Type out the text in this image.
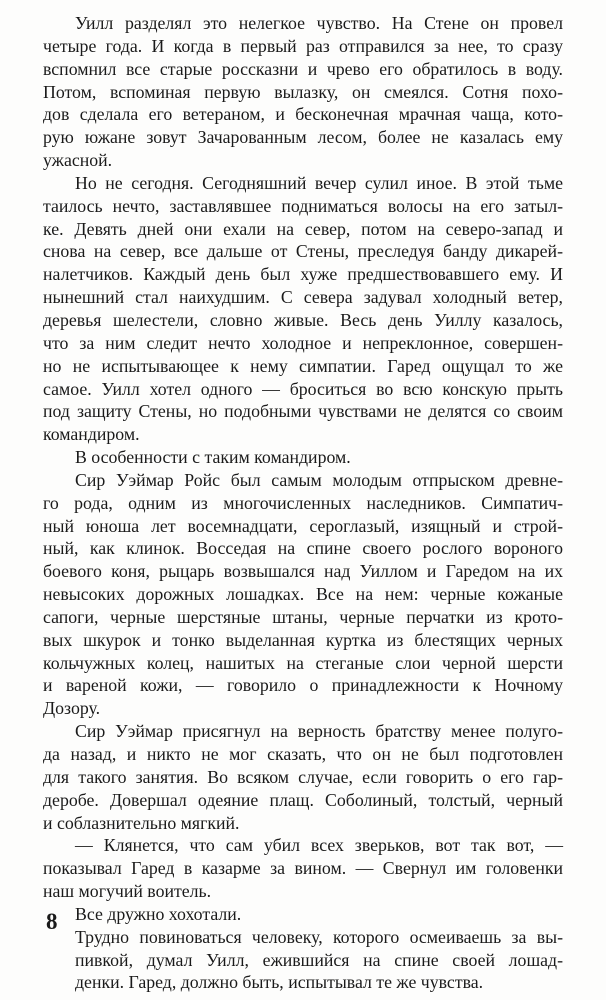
Уилл разделял это нелегкое чувство. На Стене он провел
четыре года. И когда в первый раз отправился за нее, то сразу
вспомнил все старые россказни и чрево его обратилось в воду.
Потом, вспоминая первую вылазку, он смеялся. Сотня похо-
дов сделала его ветераном, и бесконечная мрачная чаща, кото-
рую южане зовут Зачарованным лесом, более не казалась ему
ужасной.
Но не сегодня. Сегодняшний вечер сулил иное. В этой тьме
таилось нечто, заставлявшее подниматься волосы на его затыл-
ке. Девять дней они ехали на север, потом на северо-запад и
снова на север, все дальше от Стены, преследуя банду дикарей-
налетчиков. Каждый день был хуже предшествовавшего ему. И
нынешний стал наихудшим. С севера задувал холодный ветер,
деревья шелестели, словно живые. Весь день Уиллу казалось,
что за ним следит нечто холодное и непреклонное, совершен-
но не испытывающее к нему симпатии. Гаред ощущал то же
самое. Уилл хотел одного — броситься во всю конскую прыть
под защиту Стены, но подобными чувствами не делятся со своим
командиром.
В особенности с таким командиром.
Сир Уэймар Ройс был самым молодым отпрыском древне-
го рода, одним из многочисленных наследников. Симпатич-
ный юноша лет восемнадцати, сероглазый, изящный и строй-
ный, как клинок. Восседая на спине своего рослого вороного
боевого коня, рыцарь возвышался над Уиллом и Гаредом на их
невысоких дорожных лошадках. Все на нем: черные кожаные
сапоги, черные шерстяные штаны, черные перчатки из крото-
вых шкурок и тонко выделанная куртка из блестящих черных
кольчужных колец, нашитых на стеганые слои черной шерсти
и вареной кожи, — говорило о принадлежности к Ночному
Дозору.
Сир Уэймар присягнул на верность братству менее полуго-
да назад, и никто не мог сказать, что он не был подготовлен
для такого занятия. Во всяком случае, если говорить о его гар-
деробе. Довершал одеяние плащ. Соболиный, толстый, черный
и соблазнительно мягкий.
— Клянется, что сам убил всех зверьков, вот так вот, —
показывал Гаред в казарме за вином. — Свернул им головенки
наш могучий воитель.
Все дружно хохотали.
Трудно повиноваться человеку, которого осмеиваешь за вы-
пивкой, думал Уилл, ежившийся на спине своей лошад-
денки. Гаред, должно быть, испытывал те же чувства.
8
